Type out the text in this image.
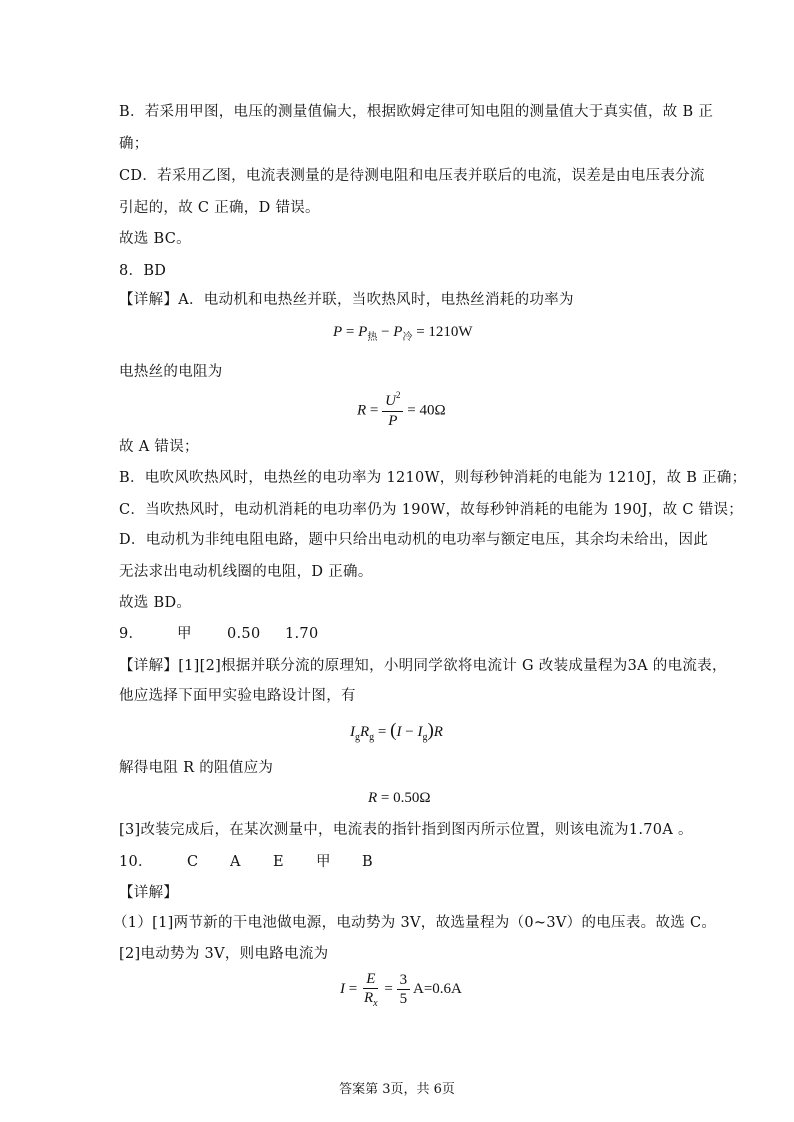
B．若采用甲图，电压的测量值偏大，根据欧姆定律可知电阻的测量值大于真实值，故 B 正
确；
CD．若采用乙图，电流表测量的是待测电阻和电压表并联后的电流，误差是由电压表分流
引起的，故 C 正确，D 错误。
故选 BC。
8．BD
【详解】A．电动机和电热丝并联，当吹热风时，电热丝消耗的功率为
$P = P_热 - P_冷 = 1210W$
电热丝的电阻为
$R = \frac{U^2}{P} = 40\Omega$
故 A 错误；
B．电吹风吹热风时，电热丝的电功率为 1210W，则每秒钟消耗的电能为 1210J，故 B 正确；
C．当吹热风时，电动机消耗的电功率仍为 190W，故每秒钟消耗的电能为 190J，故 C 错误；
D．电动机为非纯电阻电路，题中只给出电动机的电功率与额定电压，其余均未给出，因此
无法求出电动机线圈的电阻，D 正确。
故选 BD。
9． 甲 0.50 1.70
【详解】[1][2]根据并联分流的原理知，小明同学欲将电流计 G 改装成量程为3A 的电流表，
他应选择下面甲实验电路设计图，有
$I_gR_g = (I - I_g)R$
解得电阻 R 的阻值应为
R = 0.50Ω
[3]改装完成后，在某次测量中，电流表的指针指到图丙所示位置，则该电流为1.70A 。
10． C A E 甲 B
【详解】
（1）[1]两节新的干电池做电源，电动势为 3V，故选量程为（0~3V）的电压表。故选 C。
[2]电动势为 3V，则电路电流为
$I = \frac{E}{R_x} = \frac{3}{5} A=0.6A$
答案第 3页，共 6页
